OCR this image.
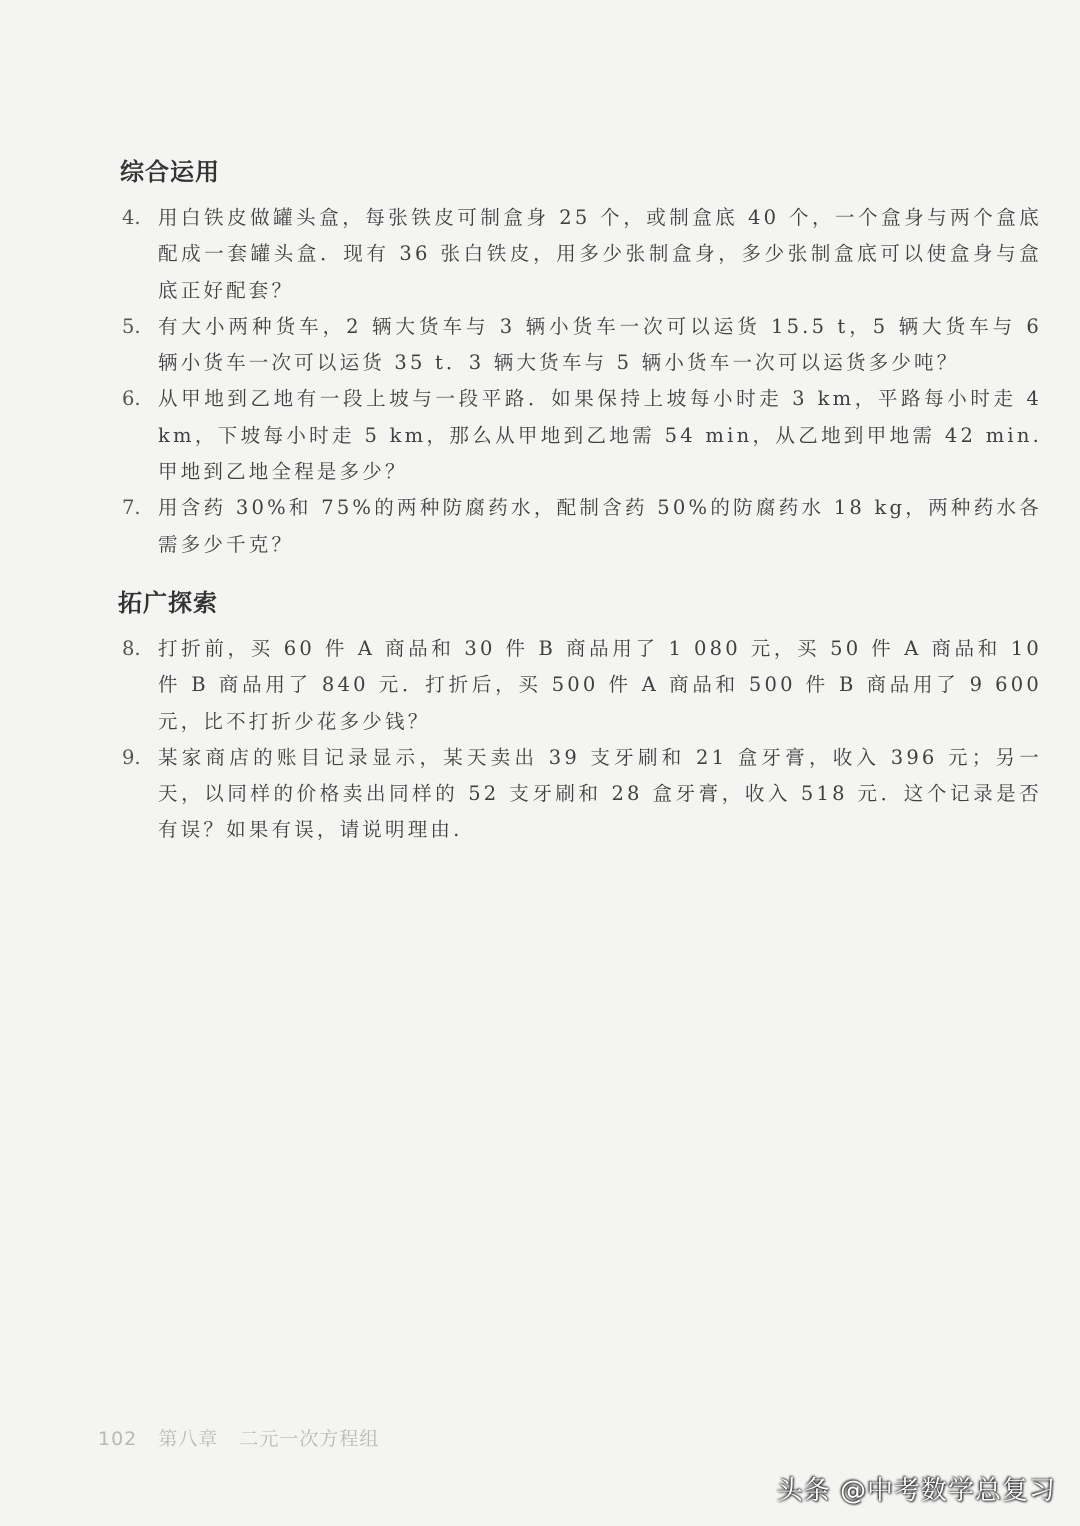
综合运用
4. 用白铁皮做罐头盒，每张铁皮可制盒身 25 个，或制盒底 40 个，一个盒身与两个盒底配成一套罐头盒．现有 36 张白铁皮，用多少张制盒身，多少张制盒底可以使盒身与盒底正好配套？
5. 有大小两种货车，2 辆大货车与 3 辆小货车一次可以运货 15.5 t，5 辆大货车与 6 辆小货车一次可以运货 35 t．3 辆大货车与 5 辆小货车一次可以运货多少吨？
6. 从甲地到乙地有一段上坡与一段平路．如果保持上坡每小时走 3 km，平路每小时走 4 km，下坡每小时走 5 km，那么从甲地到乙地需 54 min，从乙地到甲地需 42 min. 甲地到乙地全程是多少？
7. 用含药 30%和 75%的两种防腐药水，配制含药 50%的防腐药水 18 kg，两种药水各需多少千克？
拓广探索
8. 打折前，买 60 件 A 商品和 30 件 B 商品用了 1 080 元，买 50 件 A 商品和 10 件 B 商品用了 840 元．打折后，买 500 件 A 商品和 500 件 B 商品用了 9 600 元，比不打折少花多少钱？
9. 某家商店的账目记录显示，某天卖出 39 支牙刷和 21 盒牙膏，收入 396 元；另一天，以同样的价格卖出同样的 52 支牙刷和 28 盒牙膏，收入 518 元．这个记录是否有误？如果有误，请说明理由.
102 第八章 二元一次方程组
头条 @中考数学总复习
